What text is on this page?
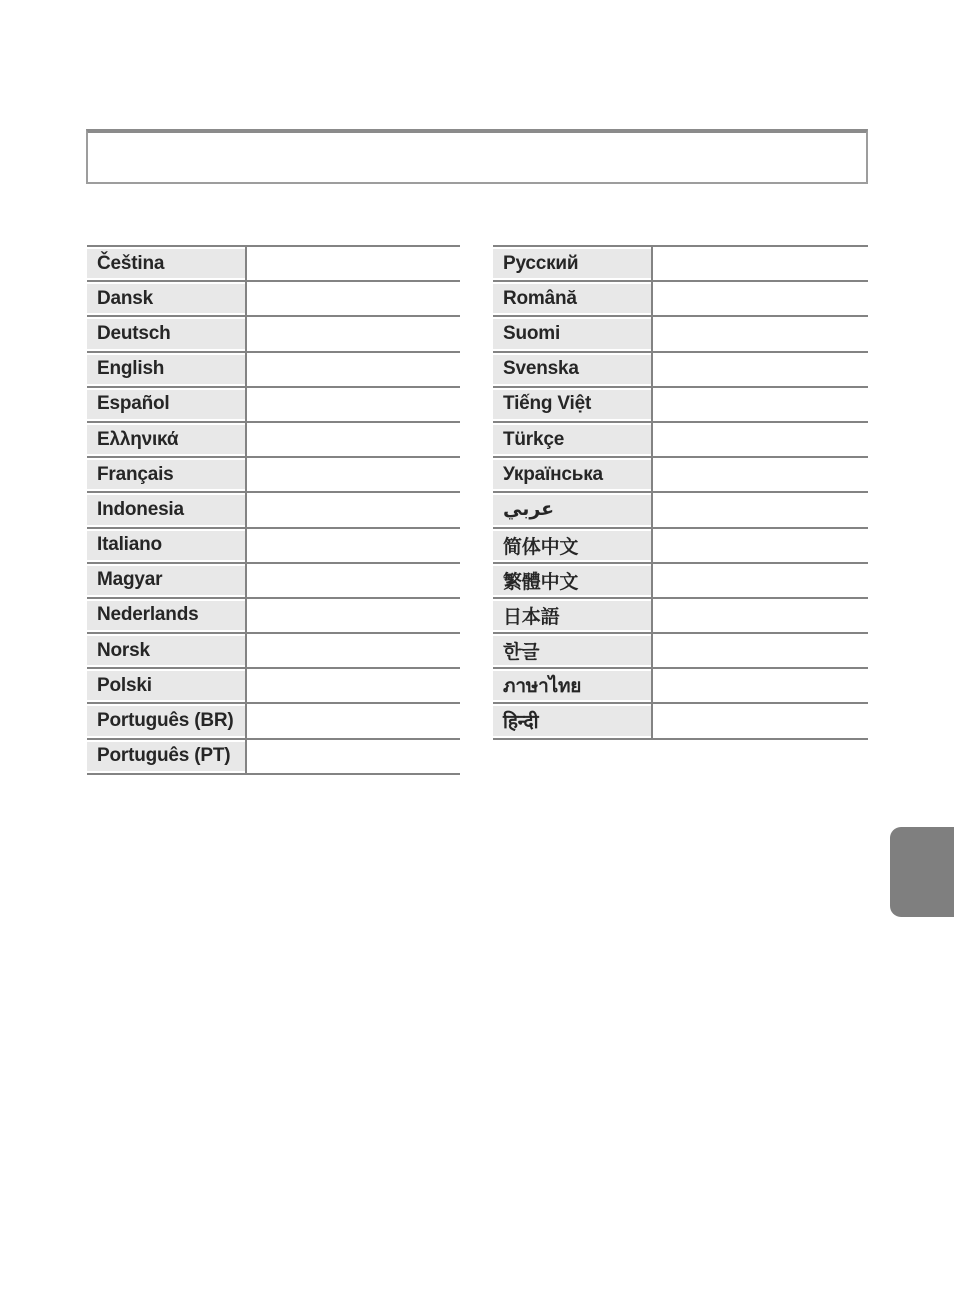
Čeština
Dansk
Deutsch
English
Español
Ελληνικά
Français
Indonesia
Italiano
Magyar
Nederlands
Norsk
Polski
Português (BR)
Português (PT)
Русский
Română
Suomi
Svenska
Tiếng Việt
Türkçe
Українська
عربي
简体中文
繁體中文
日本語
한글
ภาษาไทย
हिन्दी
